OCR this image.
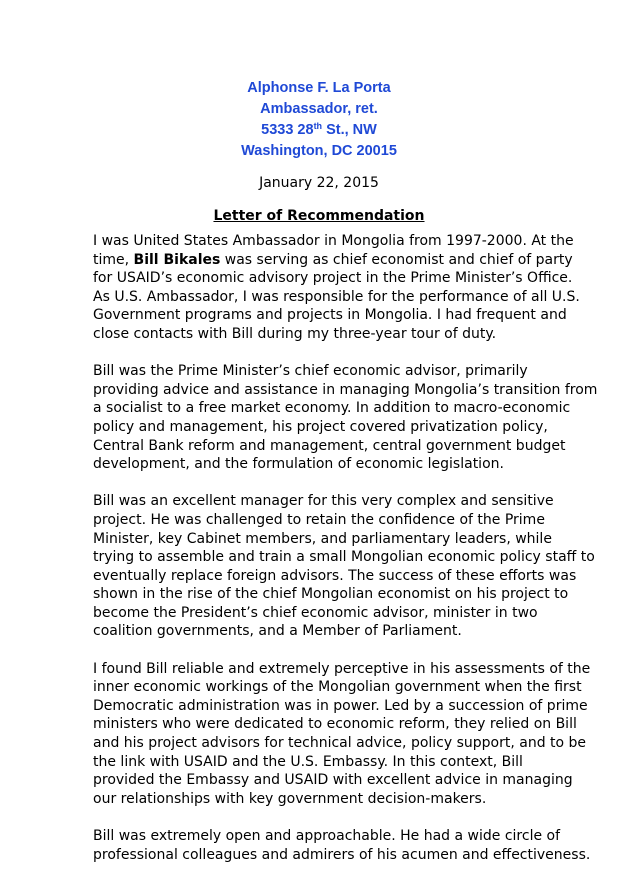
Alphonse F. La Porta
Ambassador, ret.
5333 28th St., NW
Washington, DC 20015
January 22, 2015
Letter of Recommendation

I was United States Ambassador in Mongolia from 1997-2000. At the
time, Bill Bikales was serving as chief economist and chief of party
for USAID’s economic advisory project in the Prime Minister’s Office.
As U.S. Ambassador, I was responsible for the performance of all U.S.
Government programs and projects in Mongolia. I had frequent and
close contacts with Bill during my three-year tour of duty.

Bill was the Prime Minister’s chief economic advisor, primarily
providing advice and assistance in managing Mongolia’s transition from
a socialist to a free market economy. In addition to macro-economic
policy and management, his project covered privatization policy,
Central Bank reform and management, central government budget
development, and the formulation of economic legislation.

Bill was an excellent manager for this very complex and sensitive
project. He was challenged to retain the confidence of the Prime
Minister, key Cabinet members, and parliamentary leaders, while
trying to assemble and train a small Mongolian economic policy staff to
eventually replace foreign advisors. The success of these efforts was
shown in the rise of the chief Mongolian economist on his project to
become the President’s chief economic advisor, minister in two
coalition governments, and a Member of Parliament.

I found Bill reliable and extremely perceptive in his assessments of the
inner economic workings of the Mongolian government when the first
Democratic administration was in power. Led by a succession of prime
ministers who were dedicated to economic reform, they relied on Bill
and his project advisors for technical advice, policy support, and to be
the link with USAID and the U.S. Embassy. In this context, Bill
provided the Embassy and USAID with excellent advice in managing
our relationships with key government decision-makers.

Bill was extremely open and approachable. He had a wide circle of
professional colleagues and admirers of his acumen and effectiveness.
